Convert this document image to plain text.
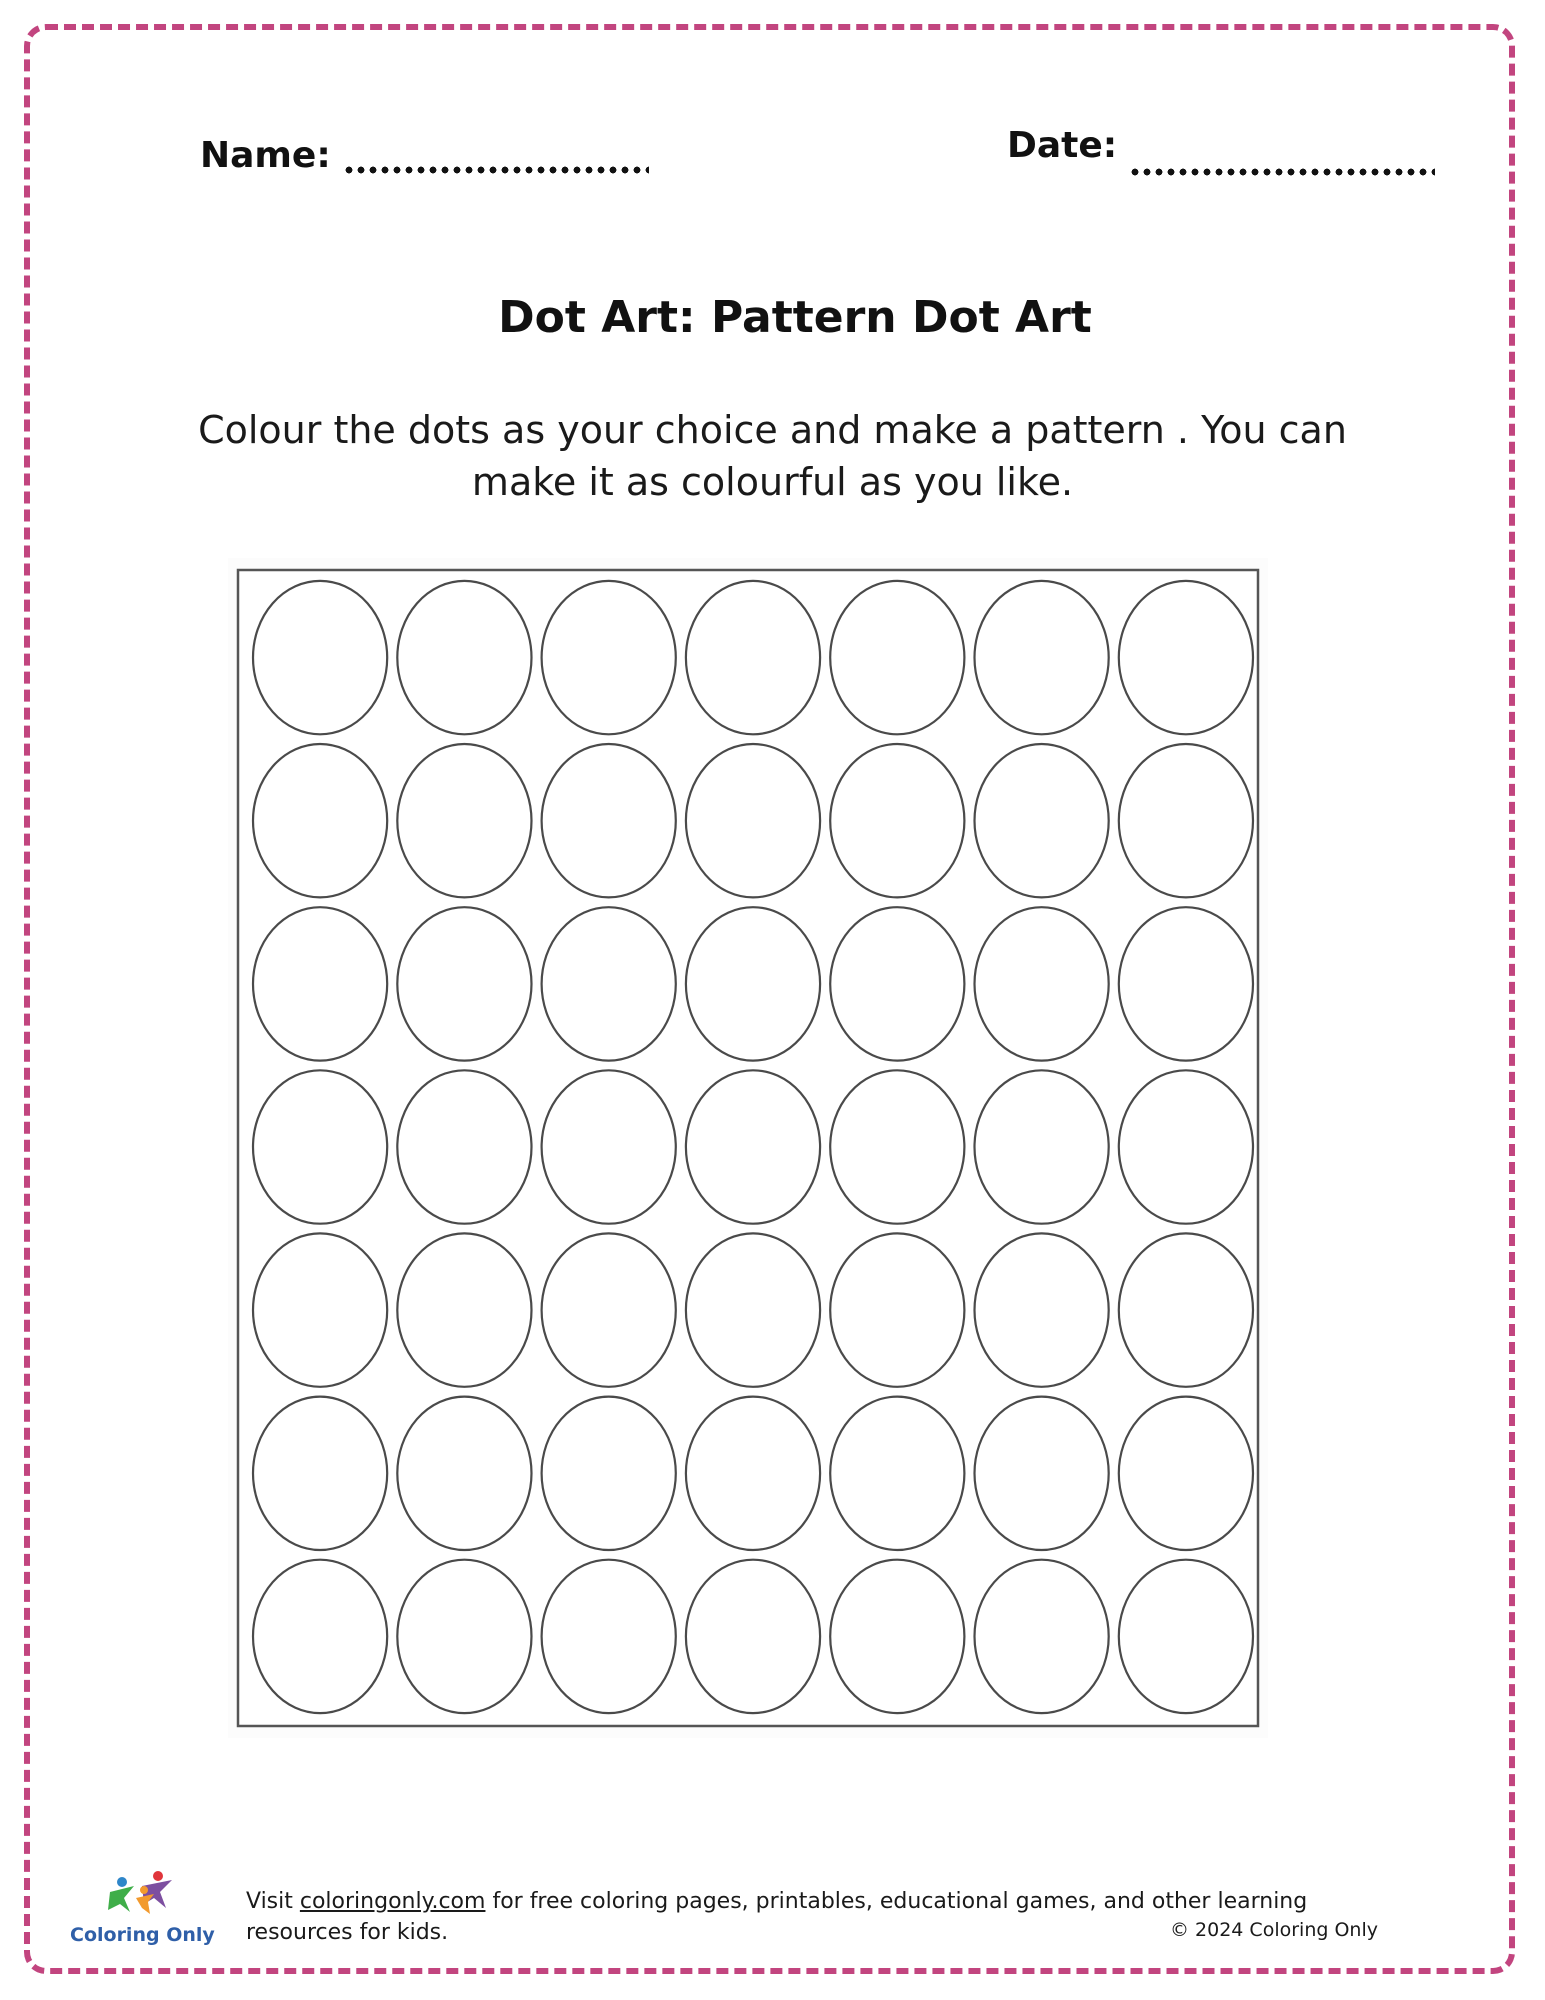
Name:	Date:
Dot Art: Pattern Dot Art
Colour the dots as your choice and make a pattern . You can make it as colourful as you like.
Coloring Only
Visit coloringonly.com for free coloring pages, printables, educational games, and other learning resources for kids.	© 2024 Coloring Only
